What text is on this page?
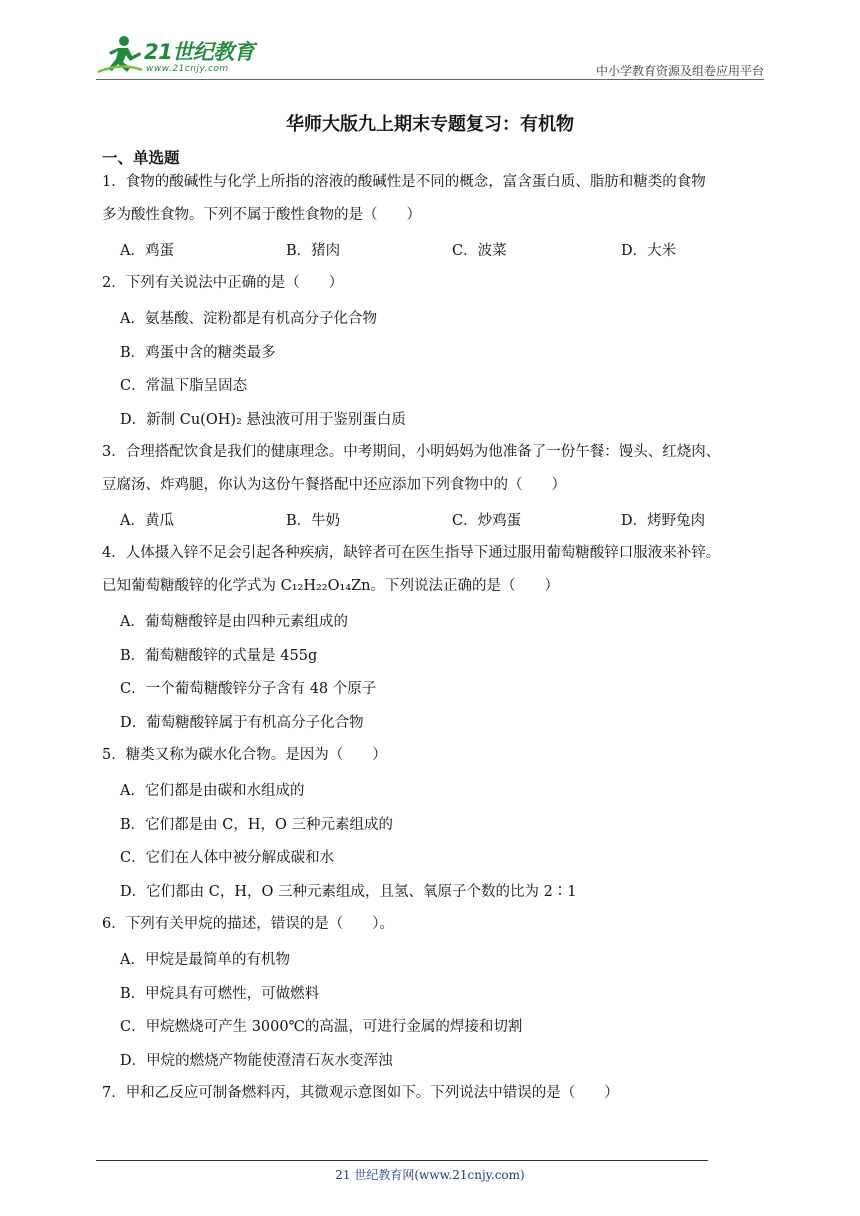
21世纪教育
www.21cnjy.com	中小学教育资源及组卷应用平台
华师大版九上期末专题复习：有机物
一、单选题

1．食物的酸碱性与化学上所指的溶液的酸碱性是不同的概念，富含蛋白质、脂肪和糖类的食物

多为酸性食物。下列不属于酸性食物的是（　　）

A．鸡蛋	B．猪肉	C．波菜	D．大米

2．下列有关说法中正确的是（　　）

A．氨基酸、淀粉都是有机高分子化合物
B．鸡蛋中含的糖类最多
C．常温下脂呈固态
D．新制 Cu(OH)₂ 悬浊液可用于鉴别蛋白质

3．合理搭配饮食是我们的健康理念。中考期间，小明妈妈为他准备了一份午餐：馒头、红烧肉、

豆腐汤、炸鸡腿，你认为这份午餐搭配中还应添加下列食物中的（　　）

A．黄瓜	B．牛奶	C．炒鸡蛋	D．烤野兔肉

4．人体摄入锌不足会引起各种疾病，缺锌者可在医生指导下通过服用葡萄糖酸锌口服液来补锌。

已知葡萄糖酸锌的化学式为 C₁₂H₂₂O₁₄Zn。下列说法正确的是（　　）

A．葡萄糖酸锌是由四种元素组成的
B．葡萄糖酸锌的式量是 455g
C．一个葡萄糖酸锌分子含有 48 个原子
D．葡萄糖酸锌属于有机高分子化合物

5．糖类又称为碳水化合物。是因为（　　）

A．它们都是由碳和水组成的
B．它们都是由 C，H，O 三种元素组成的
C．它们在人体中被分解成碳和水
D．它们都由 C，H，O 三种元素组成，且氢、氧原子个数的比为 2∶1

6．下列有关甲烷的描述，错误的是（　　）。

A．甲烷是最简单的有机物
B．甲烷具有可燃性，可做燃料
C．甲烷燃烧可产生 3000℃的高温，可进行金属的焊接和切割
D．甲烷的燃烧产物能使澄清石灰水变浑浊

7．甲和乙反应可制备燃料丙，其微观示意图如下。下列说法中错误的是（　　）

21 世纪教育网(www.21cnjy.com)
